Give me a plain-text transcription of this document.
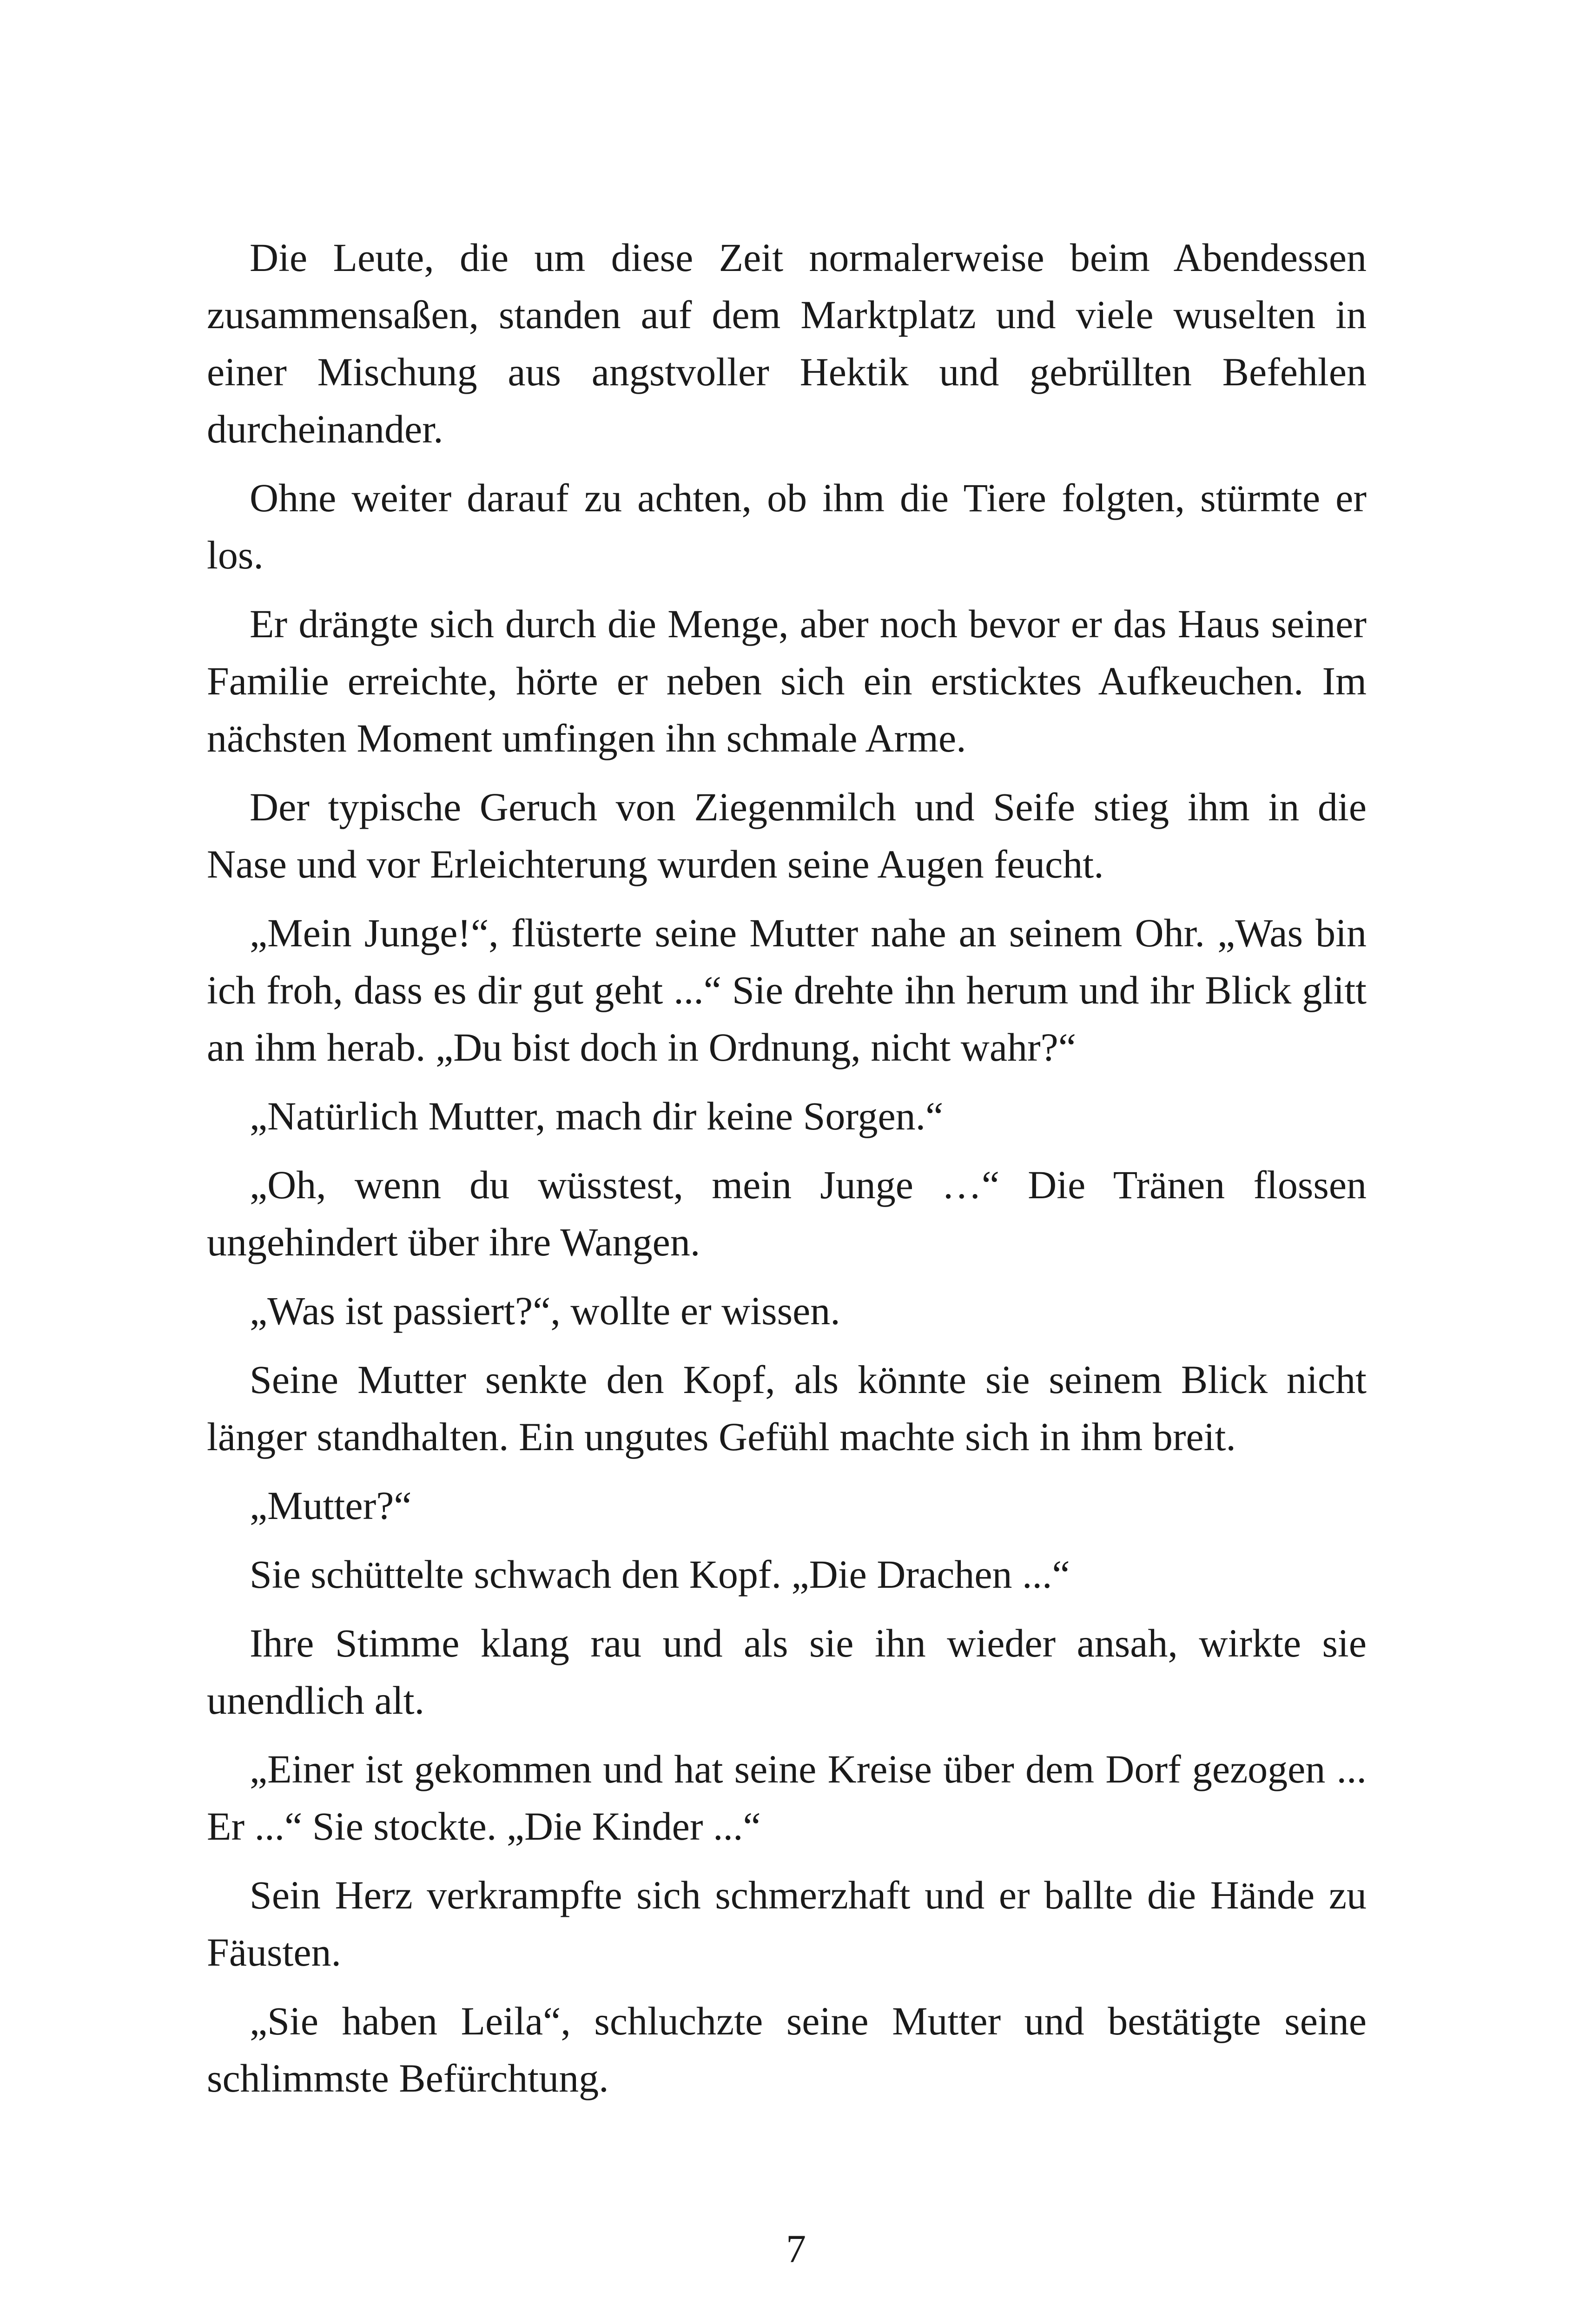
Die Leute, die um diese Zeit normalerweise beim Abendessen zusammensaßen, standen auf dem Marktplatz und viele wuselten in einer Mischung aus angstvoller Hektik und gebrüllten Befehlen durcheinander.

Ohne weiter darauf zu achten, ob ihm die Tiere folgten, stürmte er los.

Er drängte sich durch die Menge, aber noch bevor er das Haus seiner Familie erreichte, hörte er neben sich ein ersticktes Aufkeuchen. Im nächsten Moment umfingen ihn schmale Arme.

Der typische Geruch von Ziegenmilch und Seife stieg ihm in die Nase und vor Erleichterung wurden seine Augen feucht.

„Mein Junge!“, flüsterte seine Mutter nahe an seinem Ohr. „Was bin ich froh, dass es dir gut geht ...“ Sie drehte ihn herum und ihr Blick glitt an ihm herab. „Du bist doch in Ordnung, nicht wahr?“

„Natürlich Mutter, mach dir keine Sorgen.“

„Oh, wenn du wüsstest, mein Junge …“ Die Tränen flossen ungehindert über ihre Wangen.

„Was ist passiert?“, wollte er wissen.

Seine Mutter senkte den Kopf, als könnte sie seinem Blick nicht länger standhalten. Ein ungutes Gefühl machte sich in ihm breit.

„Mutter?“

Sie schüttelte schwach den Kopf. „Die Drachen ...“

Ihre Stimme klang rau und als sie ihn wieder ansah, wirkte sie unendlich alt.

„Einer ist gekommen und hat seine Kreise über dem Dorf gezogen ... Er ...“ Sie stockte. „Die Kinder ...“

Sein Herz verkrampfte sich schmerzhaft und er ballte die Hände zu Fäusten.

„Sie haben Leila“, schluchzte seine Mutter und bestätigte seine schlimmste Befürchtung.

7
